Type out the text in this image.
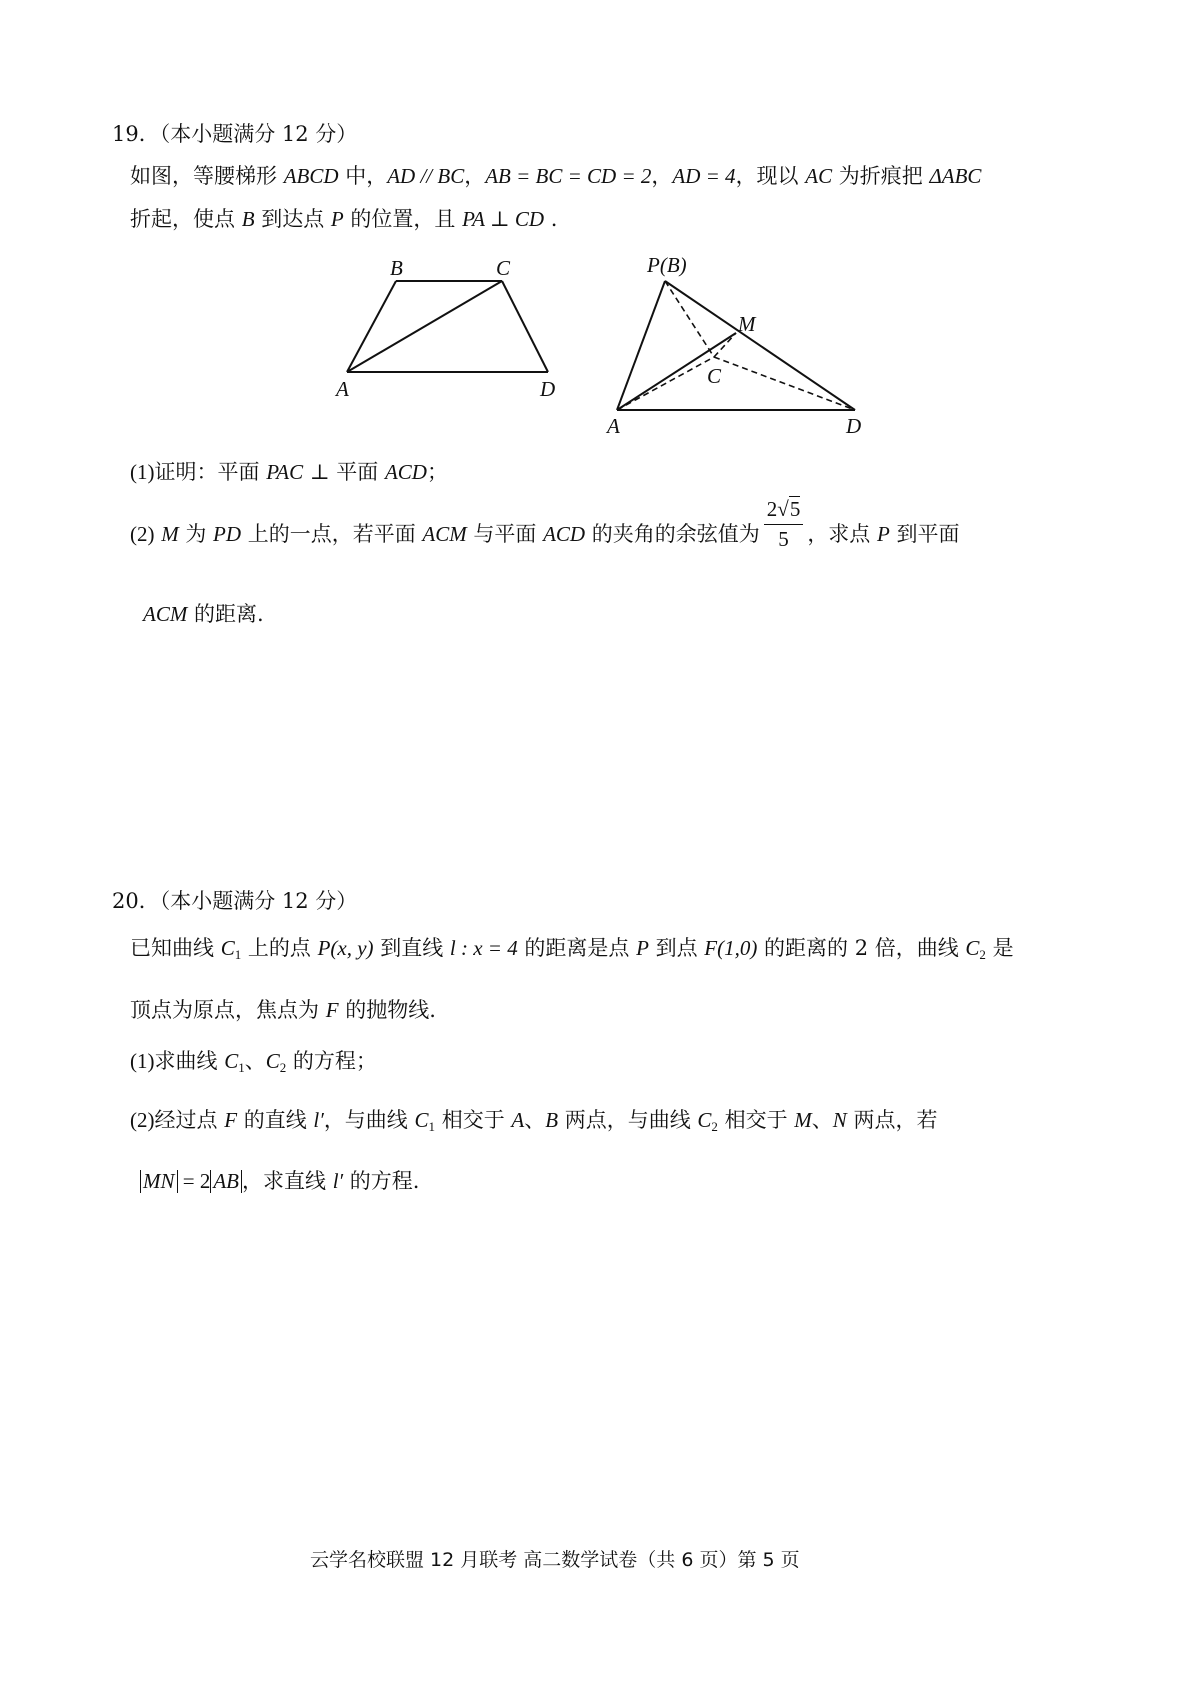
19．（本小题满分 12 分）
如图，等腰梯形 ABCD 中，AD // BC，AB = BC = CD = 2，AD = 4，现以 AC 为折痕把 ΔABC
折起，使点 B 到达点 P 的位置，且 PA ⊥ CD .
B	C
A	D
P(B)
M
C
A	D
(1)证明：平面 PAC ⊥ 平面 ACD；
(2) M 为 PD 上的一点，若平面 ACM 与平面 ACD 的夹角的余弦值为 $\frac{2√5}{5}$ ，求点 P 到平面
ACM 的距离.
20．（本小题满分 12 分）
已知曲线 $C_1$ 上的点 P(x, y) 到直线 l : x = 4 的距离是点 P 到点 F(1,0) 的距离的 2 倍，曲线 $C_2$ 是
顶点为原点，焦点为 F 的抛物线.
(1)求曲线 $C_1$、$C_2$ 的方程；
(2)经过点 F 的直线 l′，与曲线 $C_1$ 相交于 A、B 两点，与曲线 $C_2$ 相交于 M、N 两点，若
MN = 2 AB ，求直线 l′ 的方程.
云学名校联盟 12 月联考 高二数学试卷（共 6 页）第 5 页
